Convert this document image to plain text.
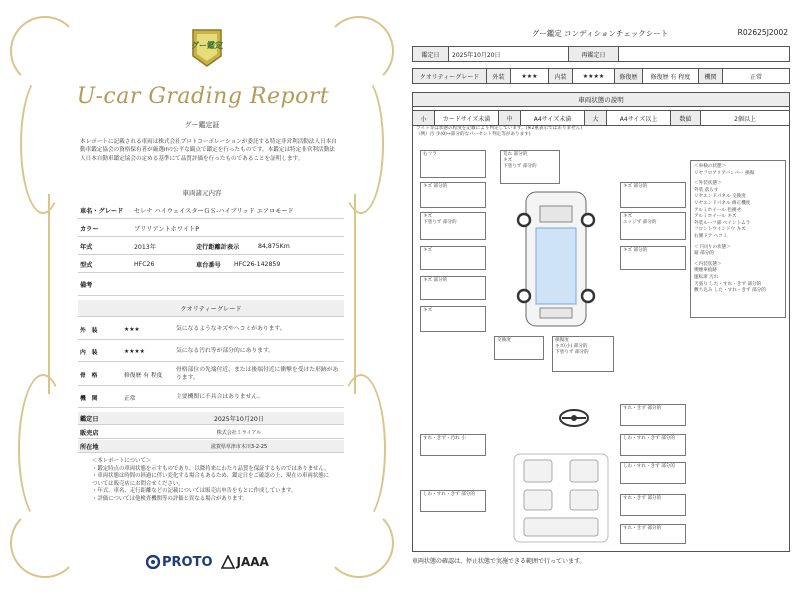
グー鑑定
U-car Grading Report
グー鑑定証
本レポートに記載される車両は株式会社プロトコーポレーションが委託する特定非営利活動法人日本自動車鑑定協会の資格保有者が厳選ifの公平な観点で鑑定を行ったものです。本鑑定は特定非営利活動法人日本自動車鑑定協会の定める基準にて品質評価を行ったものであることを証明します。
車両諸元内容
車名・グレード	セレナ ハイウェイスターＧＳ-ハイブリッド エアロモード
カラー	ブリリアントホワイトP
年式	2013年	走行距離計表示	84,875Km
型式	HFC26	車台番号	HFC26-142859
備考
クオリティーグレード
外　装	★★★	気になるようなキズやヘコミがあります。
内　装	★★★★	気になる汚れ等が部分的にあります。
骨　格	修復歴 有 程度
骨格部位の先端付近、または後端付近に衝撃を受けた形跡があります。
機　関	正常	主要機関に不具合はありません。
鑑定日	2025年10月20日
販売店	株式会社ミライアル
所在地	滋賀県草津市木川3-2-25
＜本レポートについて＞
・鑑定時点の車両状態を示すものであり、以降将来にわたり品質を保証するものではありません。
・車両状態は時間の経過に伴い変化する場合もあるため、鑑定日をご確認の上、現在の車両状態については販売店にお問合せください。
・年式、車名、走行距離などの記載については販売店申告をもとに作成しています。
・評価については他検査機関等の評価と異なる場合があります。
PROTO JAAA
グー鑑定 コンディションチェックシート	R02625J2002
鑑定日	2025年10月20日	再鑑定日	
クオリティーグレード	外装	★★★	内装	★★★★	修復歴	修復歴 有 程度	機関	正常
車両状態の説明
小	カードサイズ未満	中	A4サイズ未満	大	A4サイズ以上	数値	2個以上
ライト等は状態の程度を記載により判定しています。(※2重表示ではありません)
（例）汚 少(0)→部分的なパーセント判定等があります)
右フラ	荒れ 部分的
キズ
下塗りず 部分的
キズ 部分的	キズ 部分的
キズ
下塗りず 部分的
キズ
エッジず 部分的
キズ	キズ 部分的
キズ 部分的
キズ
交換度	損傷度
キズ(小) 部分的
下塗りず 部分的
＜車検の状態＞
リヤフロアリアバンパー 損傷
＜外装状態＞
外装 落ちす
リヤエンドパネル 交換度
リヤエンドパネル 修正機度
アルミホイール 色褪せ
アルミホイール キズ
外装ルーフ部 ペイントムラ
フロントウインドウ キズ
右側ドア ヘコミ
＜下回りの状態＞
錆 部分的
＜内装状態＞
喫煙車痕跡
運転席 汚れ
天張り した・すれ・きず 部分的
敷ち込み した・すれ・きず 部分的
すれ・きず 部分的
すれ・きず・汚れ 小	しわ・すれ・きず 部分的
しわ・すれ・きず 部分的
しわ・すれ・きず 部分的
すれ・きず 部分的
すれ・きず 部分的
車両状態の確認は、停止状態で実施できる範囲で行っています。
